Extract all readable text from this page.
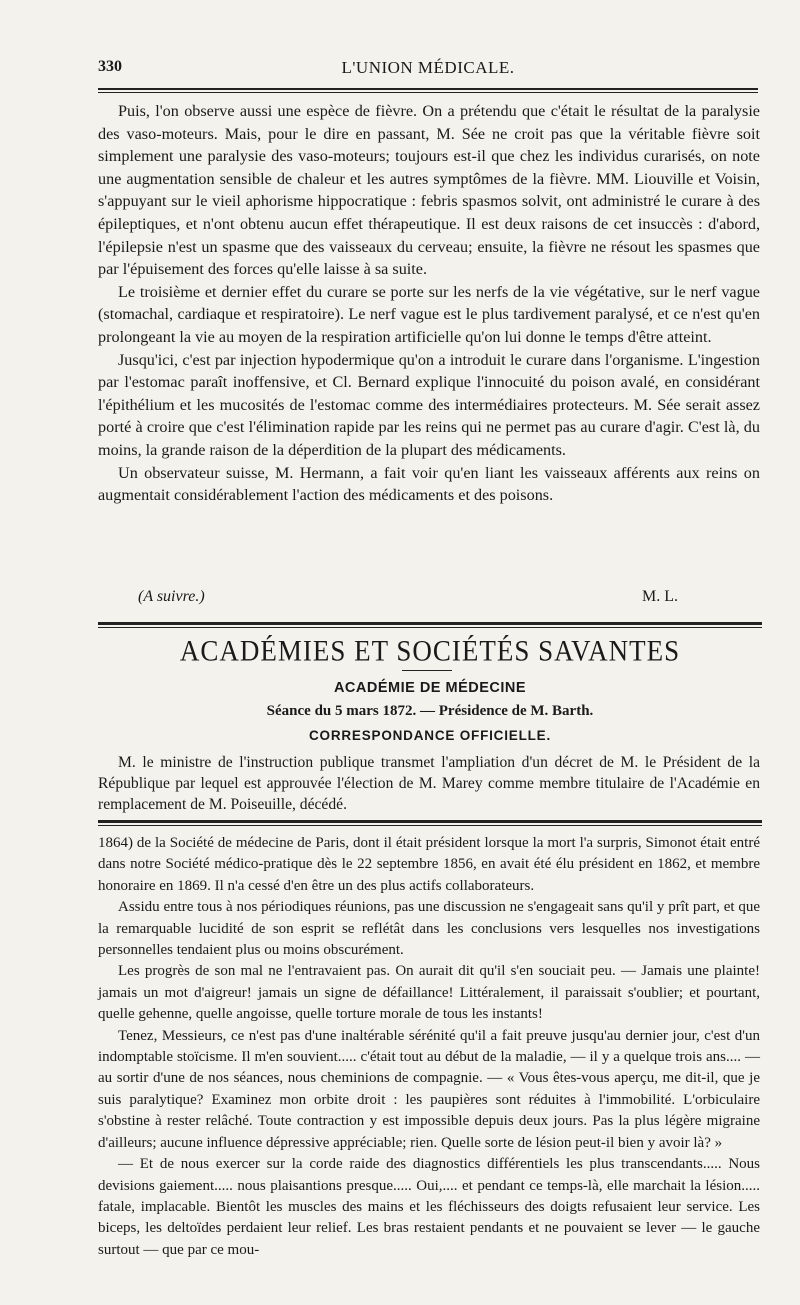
330	L'UNION MÉDICALE.

Puis, l'on observe aussi une espèce de fièvre. On a prétendu que c'était le résultat de la paralysie des vaso-moteurs. Mais, pour le dire en passant, M. Sée ne croit pas que la véritable fièvre soit simplement une paralysie des vaso-moteurs; toujours est-il que chez les individus curarisés, on note une augmentation sensible de chaleur et les autres symptômes de la fièvre. MM. Liouville et Voisin, s'appuyant sur le vieil aphorisme hippocratique : febris spasmos solvit, ont administré le curare à des épileptiques, et n'ont obtenu aucun effet thérapeutique. Il est deux raisons de cet insuccès : d'abord, l'épilepsie n'est un spasme que des vaisseaux du cerveau; ensuite, la fièvre ne résout les spasmes que par l'épuisement des forces qu'elle laisse à sa suite.

Le troisième et dernier effet du curare se porte sur les nerfs de la vie végétative, sur le nerf vague (stomachal, cardiaque et respiratoire). Le nerf vague est le plus tardivement paralysé, et ce n'est qu'en prolongeant la vie au moyen de la respiration artificielle qu'on lui donne le temps d'être atteint.

Jusqu'ici, c'est par injection hypodermique qu'on a introduit le curare dans l'organisme. L'ingestion par l'estomac paraît inoffensive, et Cl. Bernard explique l'innocuité du poison avalé, en considérant l'épithélium et les mucosités de l'estomac comme des intermédiaires protecteurs. M. Sée serait assez porté à croire que c'est l'élimination rapide par les reins qui ne permet pas au curare d'agir. C'est là, du moins, la grande raison de la déperdition de la plupart des médicaments.

Un observateur suisse, M. Hermann, a fait voir qu'en liant les vaisseaux afférents aux reins on augmentait considérablement l'action des médicaments et des poisons.

(A suivre.)	M. L.
ACADÉMIES ET SOCIÉTÉS SAVANTES
ACADÉMIE DE MÉDECINE
Séance du 5 mars 1872. — Présidence de M. Barth.
CORRESPONDANCE OFFICIELLE.

M. le ministre de l'instruction publique transmet l'ampliation d'un décret de M. le Président de la République par lequel est approuvée l'élection de M. Marey comme membre titulaire de l'Académie en remplacement de M. Poiseuille, décédé.

1864) de la Société de médecine de Paris, dont il était président lorsque la mort l'a surpris, Simonot était entré dans notre Société médico-pratique dès le 22 septembre 1856, en avait été élu président en 1862, et membre honoraire en 1869. Il n'a cessé d'en être un des plus actifs collaborateurs.

Assidu entre tous à nos périodiques réunions, pas une discussion ne s'engageait sans qu'il y prît part, et que la remarquable lucidité de son esprit se reflétât dans les conclusions vers lesquelles nos investigations personnelles tendaient plus ou moins obscurément.

Les progrès de son mal ne l'entravaient pas. On aurait dit qu'il s'en souciait peu. — Jamais une plainte! jamais un mot d'aigreur! jamais un signe de défaillance! Littéralement, il paraissait s'oublier; et pourtant, quelle gehenne, quelle angoisse, quelle torture morale de tous les instants!

Tenez, Messieurs, ce n'est pas d'une inaltérable sérénité qu'il a fait preuve jusqu'au dernier jour, c'est d'un indomptable stoïcisme. Il m'en souvient..... c'était tout au début de la maladie, — il y a quelque trois ans.... — au sortir d'une de nos séances, nous cheminions de compagnie. — « Vous êtes-vous aperçu, me dit-il, que je suis paralytique? Examinez mon orbite droit : les paupières sont réduites à l'immobilité. L'orbiculaire s'obstine à rester relâché. Toute contraction y est impossible depuis deux jours. Pas la plus légère migraine d'ailleurs; aucune influence dépressive appréciable; rien. Quelle sorte de lésion peut-il bien y avoir là? »

— Et de nous exercer sur la corde raide des diagnostics différentiels les plus transcendants..... Nous devisions gaiement..... nous plaisantions presque..... Oui,.... et pendant ce temps-là, elle marchait la lésion..... fatale, implacable. Bientôt les muscles des mains et les fléchisseurs des doigts refusaient leur service. Les biceps, les deltoïdes perdaient leur relief. Les bras restaient pendants et ne pouvaient se lever — le gauche surtout — que par ce mou-
